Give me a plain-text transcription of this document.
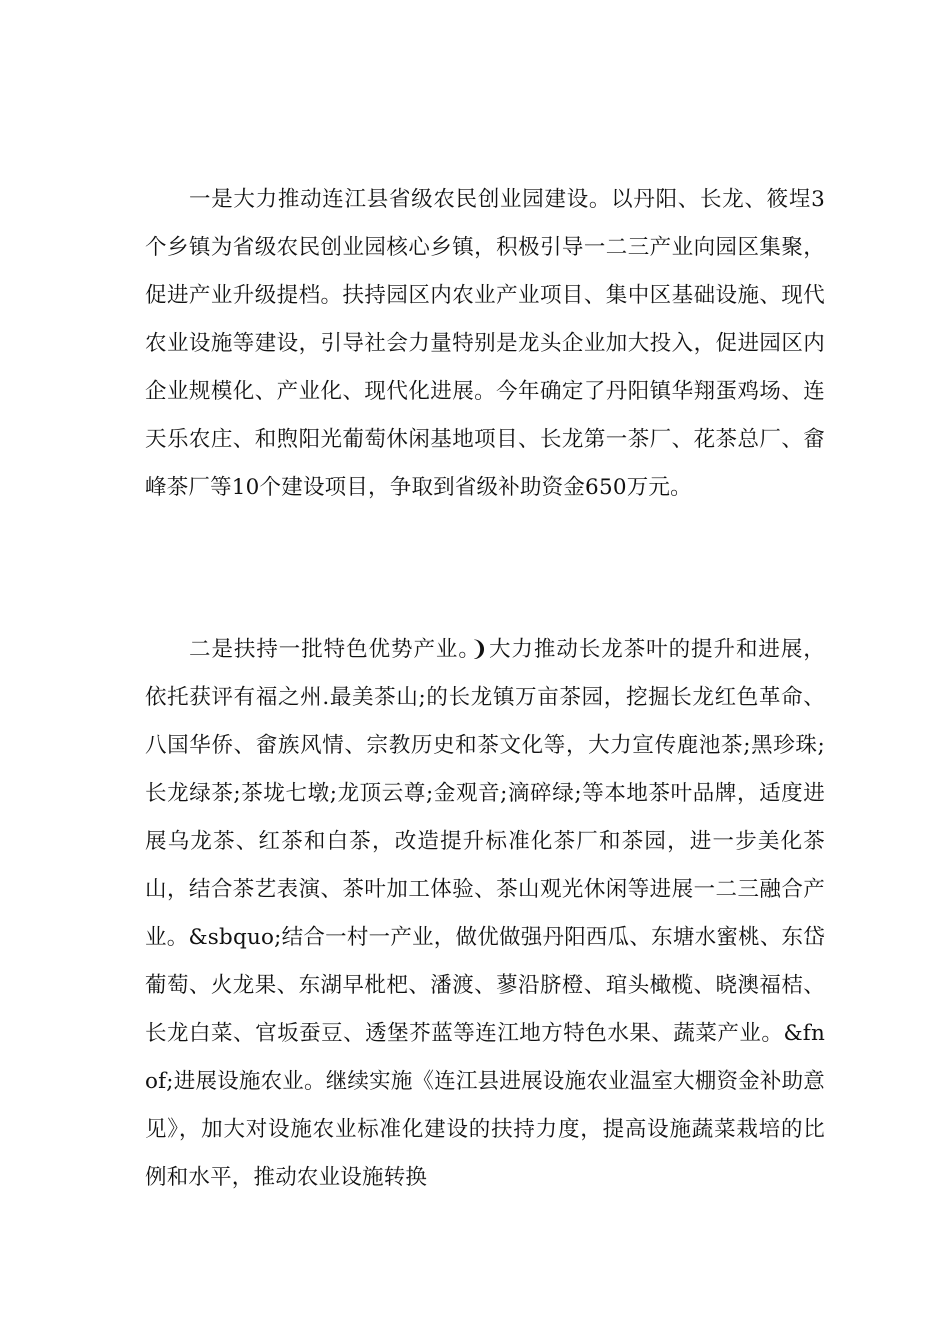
一是大力推动连江县省级农民创业园建设。以丹阳、长龙、筱埕3个乡镇为省级农民创业园核心乡镇，积极引导一二三产业向园区集聚，促进产业升级提档。扶持园区内农业产业项目、集中区基础设施、现代农业设施等建设，引导社会力量特别是龙头企业加大投入，促进园区内企业规模化、产业化、现代化进展。今年确定了丹阳镇华翔蛋鸡场、连天乐农庄、和煦阳光葡萄休闲基地项目、长龙第一茶厂、花茶总厂、畲峰茶厂等10个建设项目，争取到省级补助资金650万元。

二是扶持一批特色优势产业。❩大力推动长龙茶叶的提升和进展，依托获评有福之州.最美茶山;的长龙镇万亩茶园，挖掘长龙红色革命、八国华侨、畲族风情、宗教历史和茶文化等，大力宣传鹿池茶;黑珍珠;长龙绿茶;茶垅七墩;龙顶云尊;金观音;滴碎绿;等本地茶叶品牌，适度进展乌龙茶、红茶和白茶，改造提升标准化茶厂和茶园，进一步美化茶山，结合茶艺表演、茶叶加工体验、茶山观光休闲等进展一二三融合产业。&sbquo;结合一村一产业，做优做强丹阳西瓜、东塘水蜜桃、东岱葡萄、火龙果、东湖早枇杷、潘渡、蓼沿脐橙、琯头橄榄、晓澳福桔、长龙白菜、官坂蚕豆、透堡芥蓝等连江地方特色水果、蔬菜产业。&fnof;进展设施农业。继续实施《连江县进展设施农业温室大棚资金补助意见》，加大对设施农业标准化建设的扶持力度，提高设施蔬菜栽培的比例和水平，推动农业设施转换
